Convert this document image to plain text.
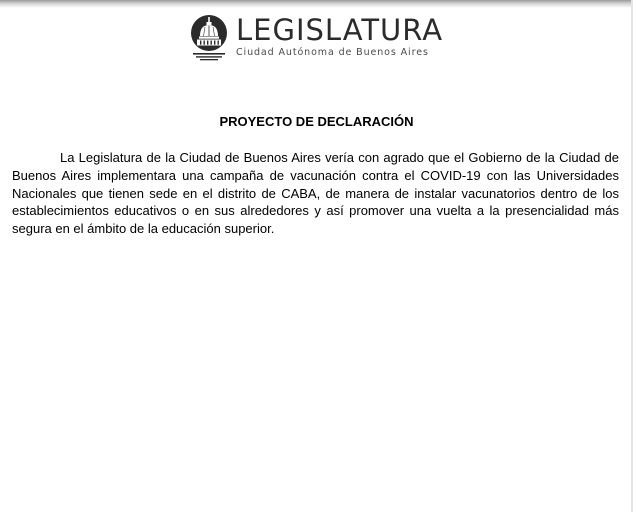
LEGISLATURA
Ciudad Autónoma de Buenos Aires
PROYECTO DE DECLARACIÓN

La Legislatura de la Ciudad de Buenos Aires vería con agrado que el Gobierno de la Ciudad de Buenos Aires implementara una campaña de vacunación contra el COVID-19 con las Universidades Nacionales que tienen sede en el distrito de CABA, de manera de instalar vacunatorios dentro de los establecimientos educativos o en sus alrededores y así promover una vuelta a la presencialidad más segura en el ámbito de la educación superior.
